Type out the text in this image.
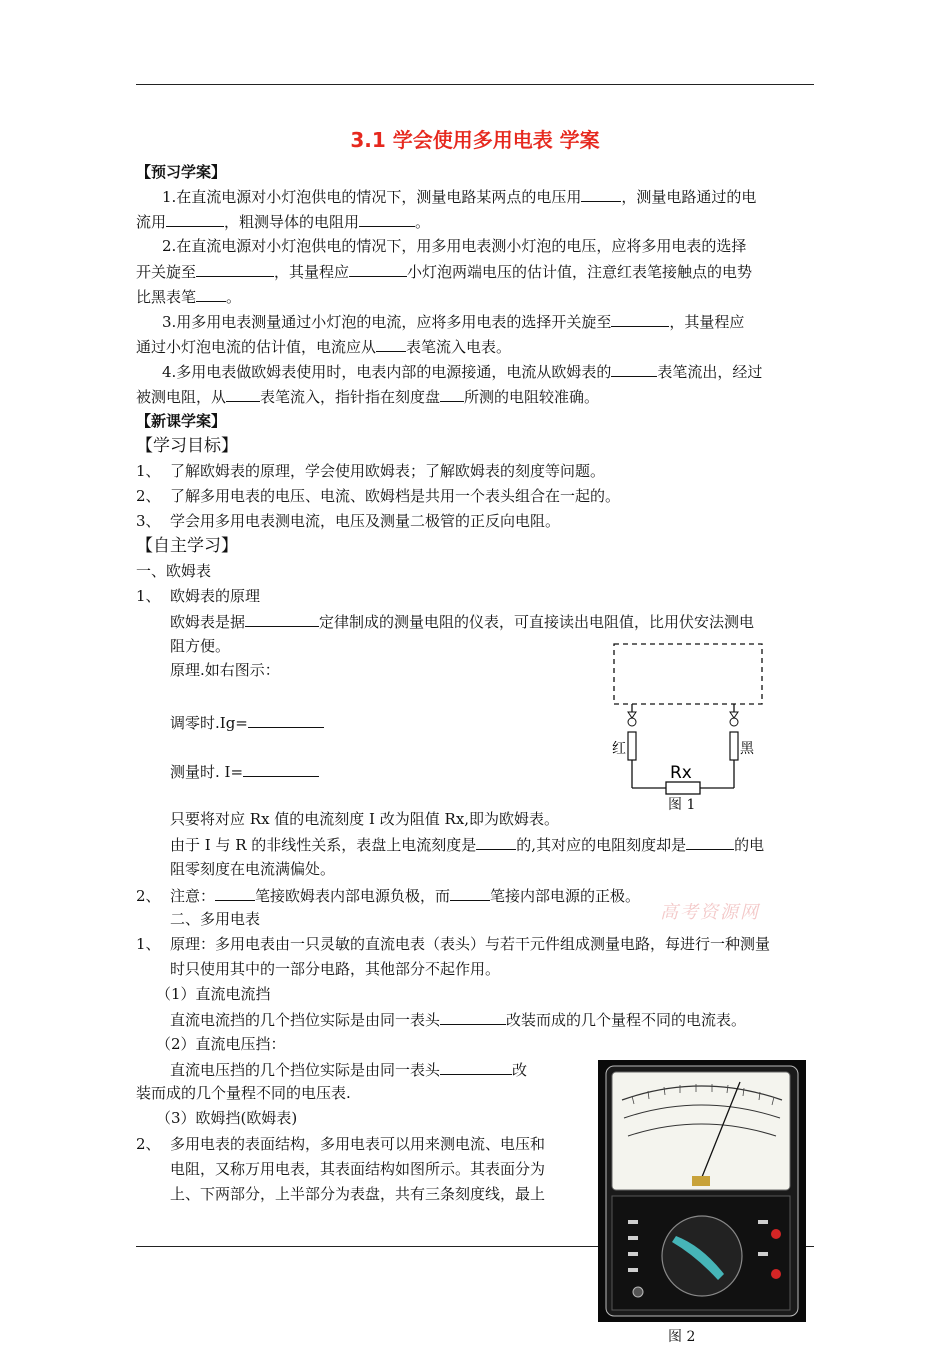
3.1 学会使用多用电表 学案
【预习学案】
1.在直流电源对小灯泡供电的情况下，测量电路某两点的电压用	，测量电路通过的电
流用	，粗测导体的电阻用	。
2.在直流电源对小灯泡供电的情况下，用多用电表测小灯泡的电压，应将多用电表的选择
开关旋至	，其量程应	小灯泡两端电压的估计值，注意红表笔接触点的电势
比黑表笔 。
3.用多用电表测量通过小灯泡的电流，应将多用电表的选择开关旋至	，其量程应
通过小灯泡电流的估计值，电流应从 表笔流入电表。
4.多用电表做欧姆表使用时，电表内部的电源接通，电流从欧姆表的	表笔流出，经过
被测电阻，从 表笔流入，指针指在刻度盘 所测的电阻较准确。
【新课学案】
【学习目标】
1、 了解欧姆表的原理，学会使用欧姆表；了解欧姆表的刻度等问题。
2、 了解多用电表的电压、电流、欧姆档是共用一个表头组合在一起的。
3、 学会用多用电表测电流，电压及测量二极管的正反向电阻。
【自主学习】
一、欧姆表
1、 欧姆表的原理
欧姆表是据	定律制成的测量电阻的仪表，可直接读出电阻值，比用伏安法测电
阻方便。
原理.如右图示：
调零时.Ig=
测量时. I=
红	黑
Rx
图 1
只要将对应 Rx 值的电流刻度 I 改为阻值 Rx,即为欧姆表。
由于 I 与 R 的非线性关系，表盘上电流刻度是	的,其对应的电阻刻度却是	的电
阻零刻度在电流满偏处。
2、 注意：	笔接欧姆表内部电源负极，而	笔接内部电源的正极。
高考资源网
二、多用电表
1、 原理：多用电表由一只灵敏的直流电表（表头）与若干元件组成测量电路，每进行一种测量
时只使用其中的一部分电路，其他部分不起作用。
（1）直流电流挡
直流电流挡的几个挡位实际是由同一表头	改装而成的几个量程不同的电流表。
（2）直流电压挡：
直流电压挡的几个挡位实际是由同一表头	改
装而成的几个量程不同的电压表.
（3）欧姆挡(欧姆表)
2、 多用电表的表面结构，多用电表可以用来测电流、电压和
电阻，又称万用电表，其表面结构如图所示。其表面分为
上、下两部分，上半部分为表盘，共有三条刻度线，最上
图 2
